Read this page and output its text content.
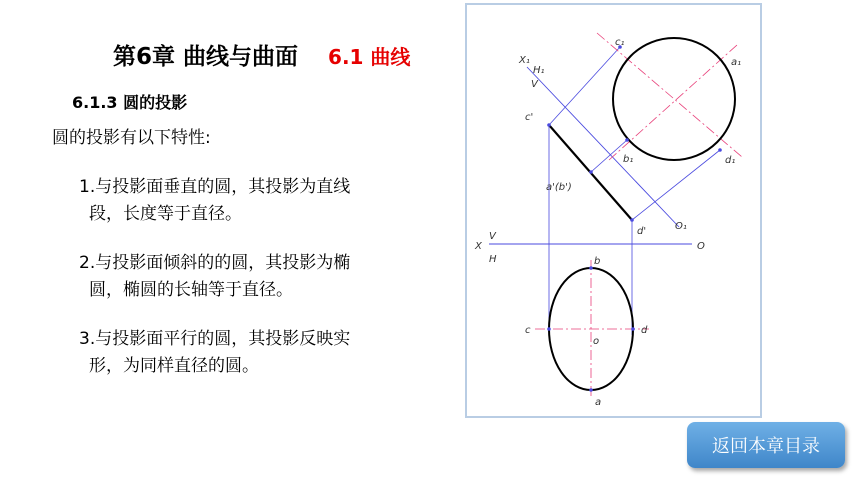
第6章 曲线与曲面 6.1 曲线
6.1.3 圆的投影
圆的投影有以下特性:
1.与投影面垂直的圆，其投影为直线
段，长度等于直径。
2.与投影面倾斜的的圆，其投影为椭
圆，椭圆的长轴等于直径。
3.与投影面平行的圆，其投影反映实
形，为同样直径的圆。
X₁
H₁
V
c₁
a₁
c'
b₁	d₁
a'(b')
d'	O₁
X
V
H
O
b
c	d
o
a
返回本章目录
